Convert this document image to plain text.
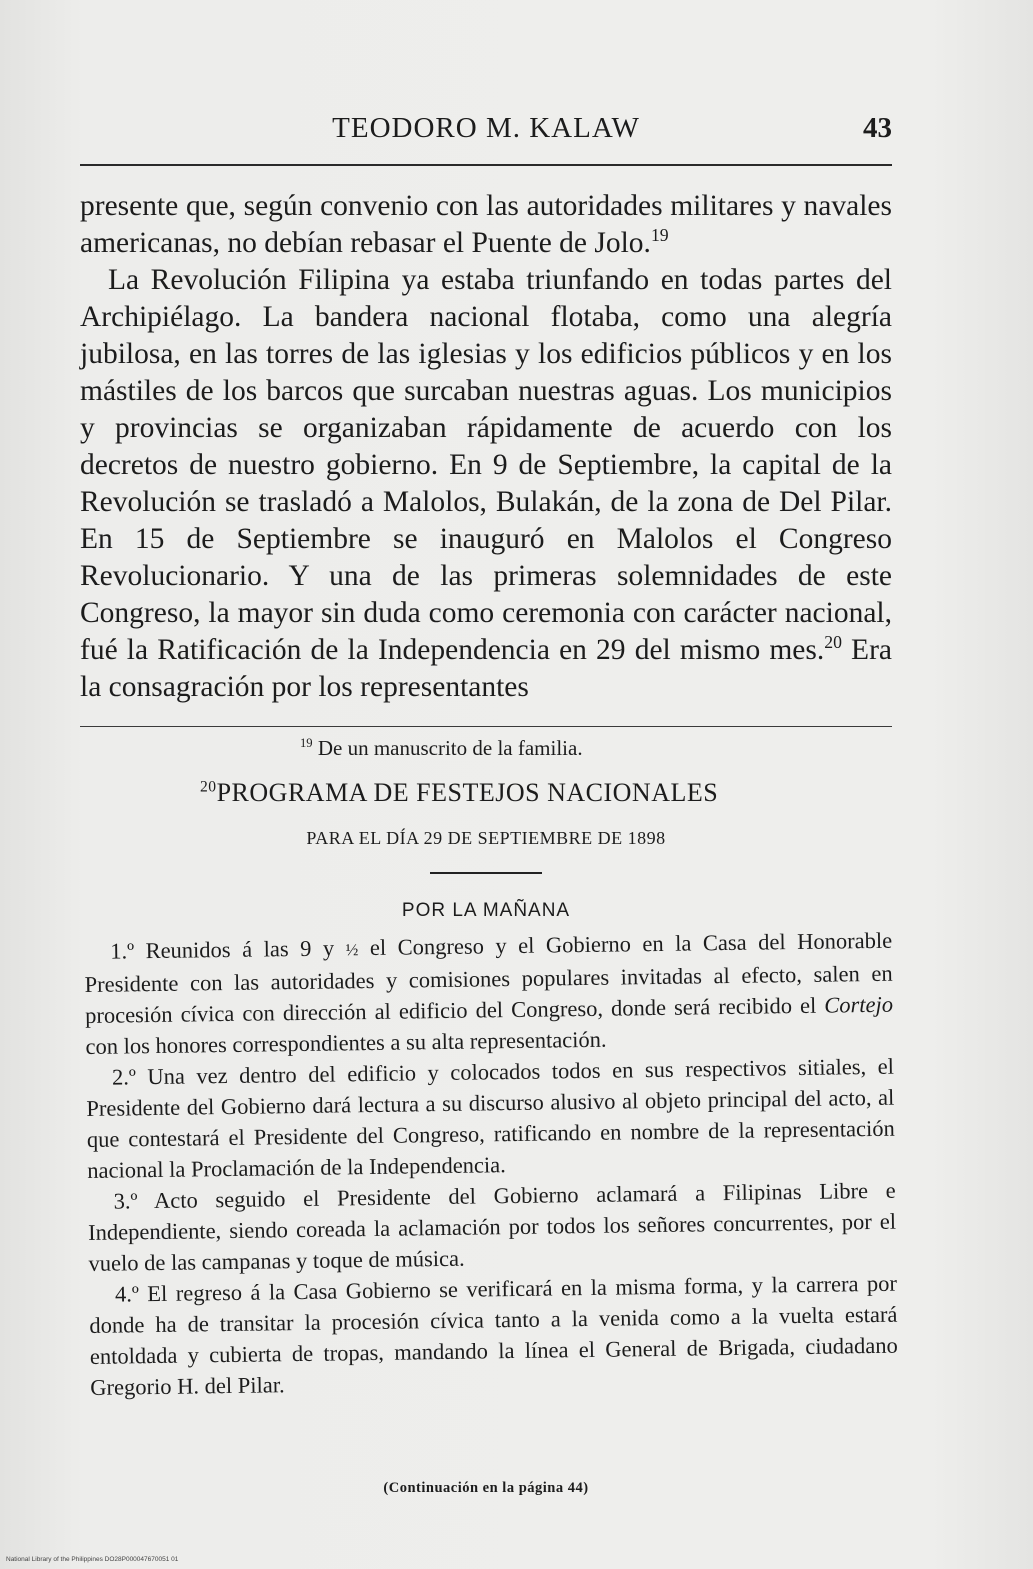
TEODORO M. KALAW	43

presente que, según convenio con las autoridades militares y navales americanas, no debían rebasar el Puente de Jolo.$^{19}$

La Revolución Filipina ya estaba triunfando en todas partes del Archipiélago. La bandera nacional flotaba, como una alegría jubilosa, en las torres de las iglesias y los edificios públicos y en los mástiles de los barcos que surcaban nuestras aguas. Los municipios y provincias se organizaban rápidamente de acuerdo con los decretos de nuestro gobierno. En 9 de Septiembre, la capital de la Revolución se trasladó a Malolos, Bulakán, de la zona de Del Pilar. En 15 de Septiembre se inauguró en Malolos el Congreso Revolucionario. Y una de las primeras solemnidades de este Congreso, la mayor sin duda como ceremonia con carácter nacional, fué la Ratificación de la Independencia en 29 del mismo mes.$^{20}$ Era la consagración por los representantes

$^{19}$ De un manuscrito de la familia.
$^{20}$PROGRAMA DE FESTEJOS NACIONALES
PARA EL DÍA 29 DE SEPTIEMBRE DE 1898
POR LA MAÑANA

1.º Reunidos á las 9 y ½ el Congreso y el Gobierno en la Casa del Honorable Presidente con las autoridades y comisiones populares invitadas al efecto, salen en procesión cívica con dirección al edificio del Congreso, donde será recibido el Cortejo con los honores correspondientes a su alta representación.

2.º Una vez dentro del edificio y colocados todos en sus respectivos sitiales, el Presidente del Gobierno dará lectura a su discurso alusivo al objeto principal del acto, al que contestará el Presidente del Congreso, ratificando en nombre de la representación nacional la Proclamación de la Independencia.

3.º Acto seguido el Presidente del Gobierno aclamará a Filipinas Libre e Independiente, siendo coreada la aclamación por todos los señores concurrentes, por el vuelo de las campanas y toque de música.

4.º El regreso á la Casa Gobierno se verificará en la misma forma, y la carrera por donde ha de transitar la procesión cívica tanto a la venida como a la vuelta estará entoldada y cubierta de tropas, mandando la línea el General de Brigada, ciudadano Gregorio H. del Pilar.

(Continuación en la página 44)
National Library of the Philippines DO28P000047670051 01
